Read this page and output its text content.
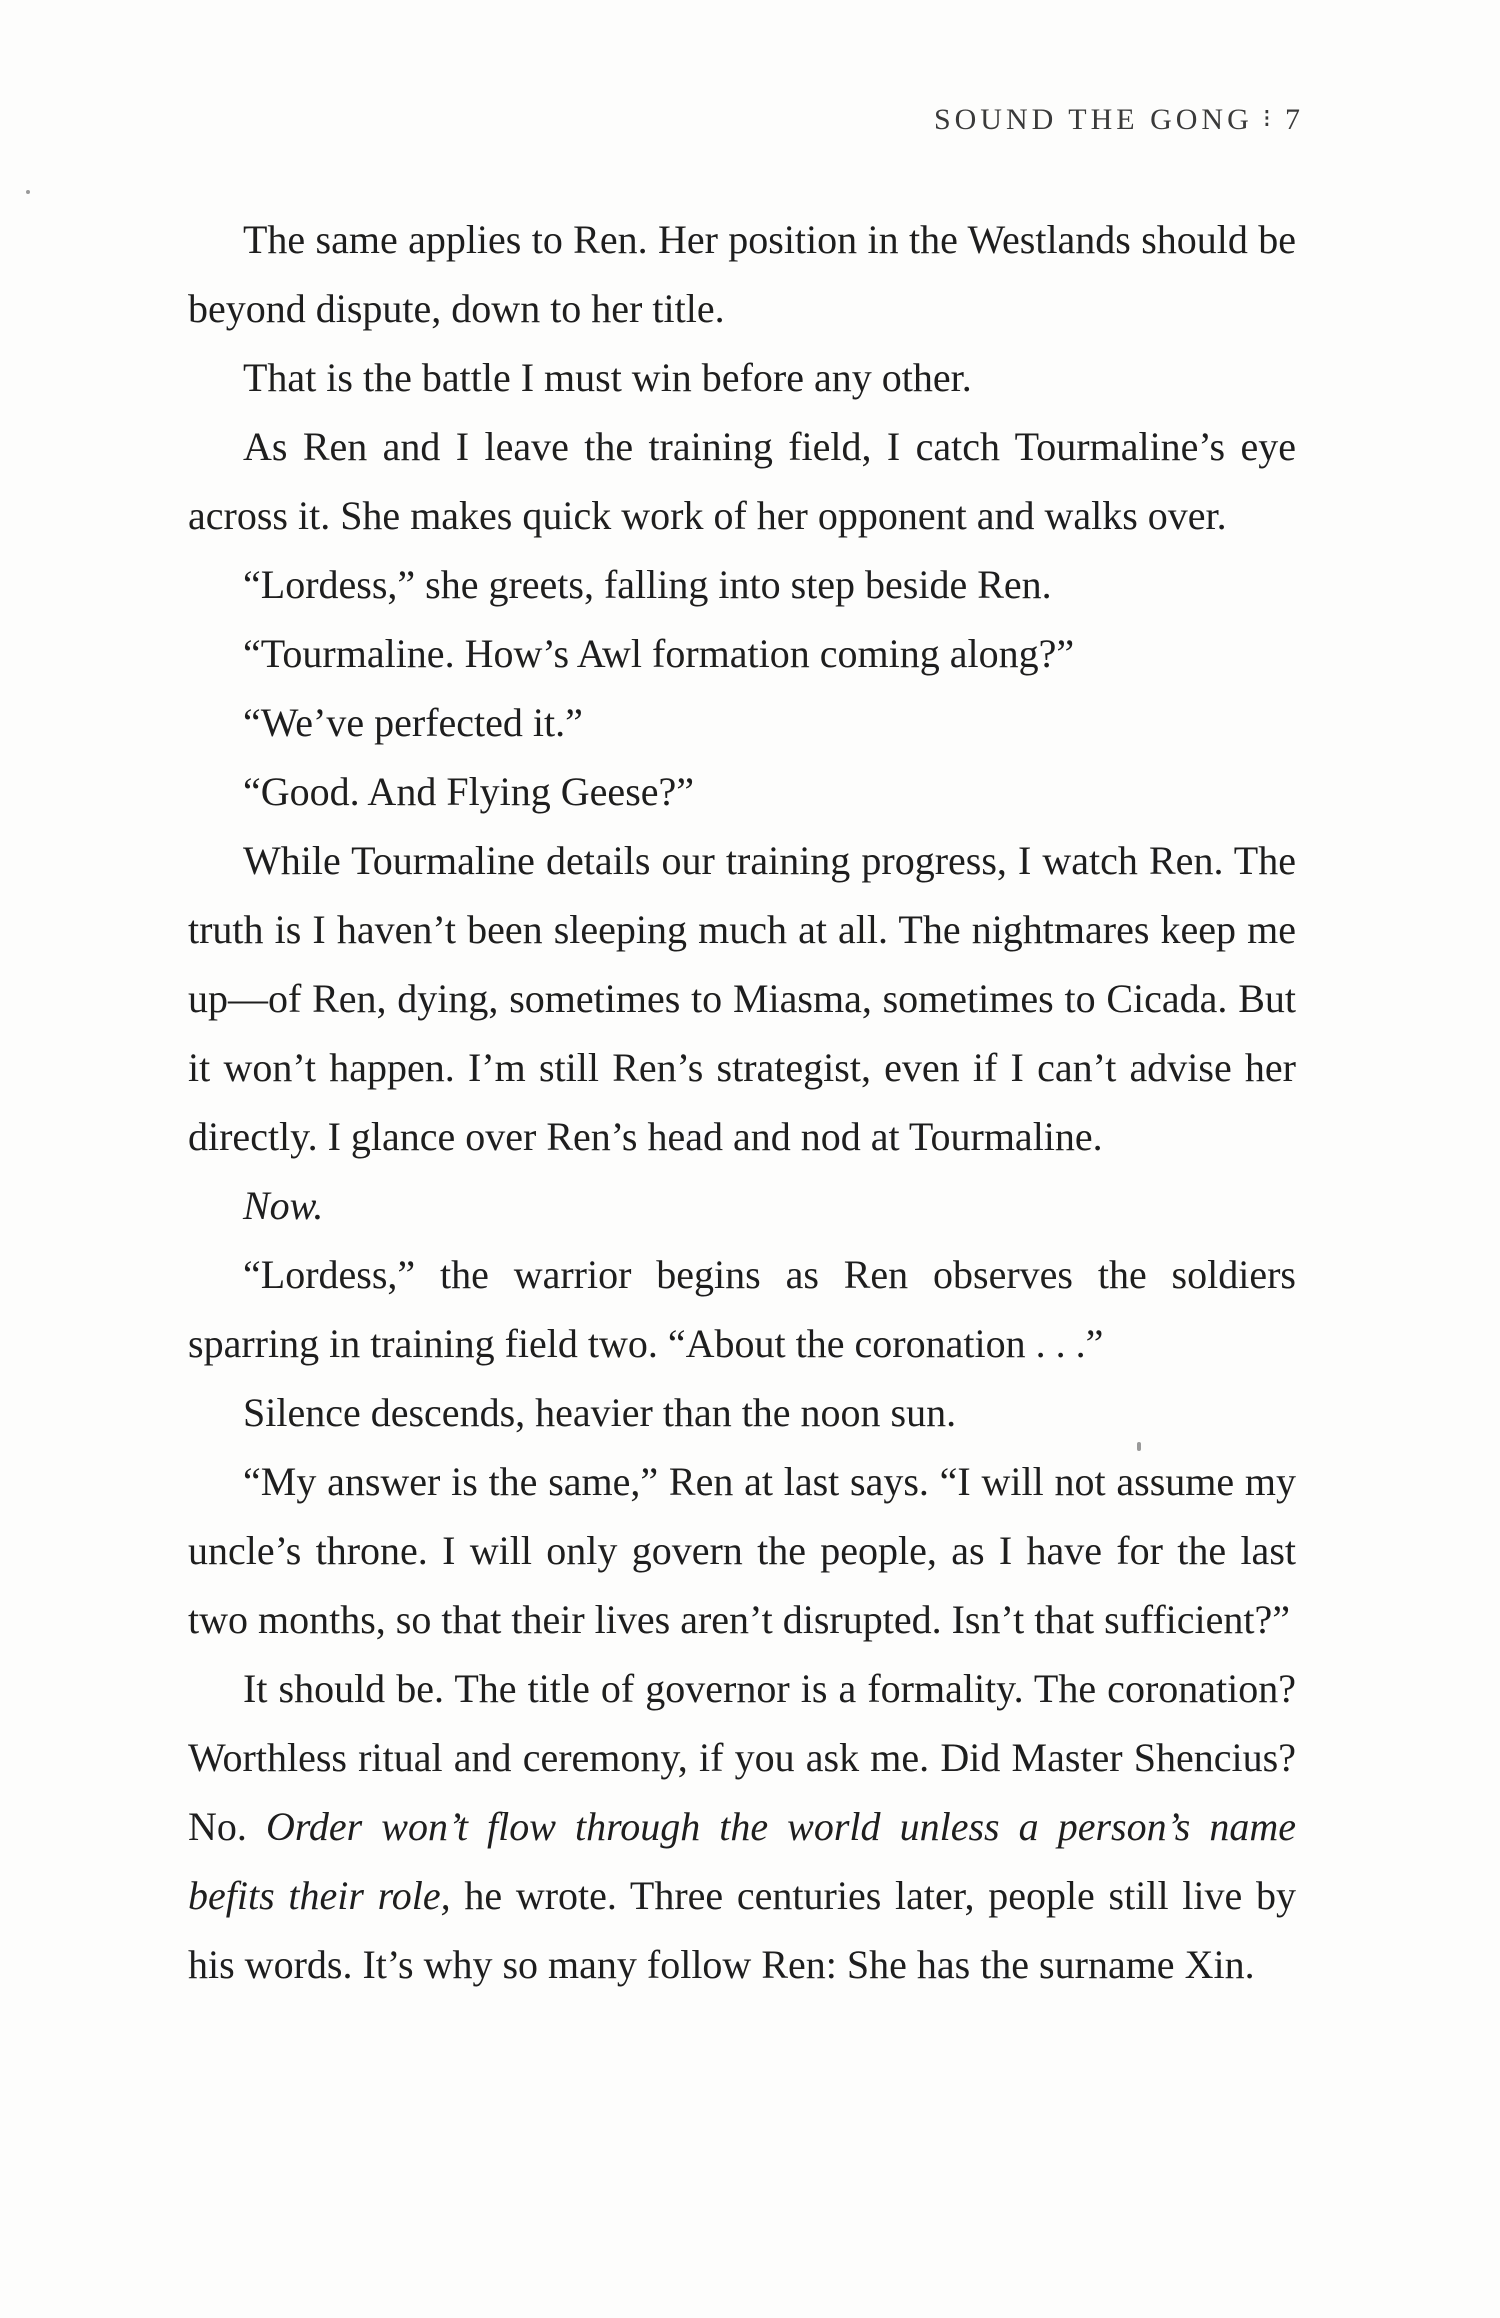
SOUND THE GONG ⁝ 7

The same applies to Ren. Her position in the Westlands should be beyond dispute, down to her title.

That is the battle I must win before any other.

As Ren and I leave the training field, I catch Tourmaline’s eye across it. She makes quick work of her opponent and walks over.

“Lordess,” she greets, falling into step beside Ren.

“Tourmaline. How’s Awl formation coming along?”

“We’ve perfected it.”

“Good. And Flying Geese?”

While Tourmaline details our training progress, I watch Ren. The truth is I haven’t been sleeping much at all. The nightmares keep me up—of Ren, dying, sometimes to Miasma, sometimes to Cicada. But it won’t happen. I’m still Ren’s strategist, even if I can’t advise her directly. I glance over Ren’s head and nod at Tourmaline.

Now.

“Lordess,” the warrior begins as Ren observes the soldiers sparring in training field two. “About the coronation . . .”

Silence descends, heavier than the noon sun.

“My answer is the same,” Ren at last says. “I will not assume my uncle’s throne. I will only govern the people, as I have for the last two months, so that their lives aren’t disrupted. Isn’t that sufficient?”

It should be. The title of governor is a formality. The coronation? Worthless ritual and ceremony, if you ask me. Did Master Shencius? No. Order won’t flow through the world unless a person’s name befits their role, he wrote. Three centuries later, people still live by his words. It’s why so many follow Ren: She has the surname Xin.
